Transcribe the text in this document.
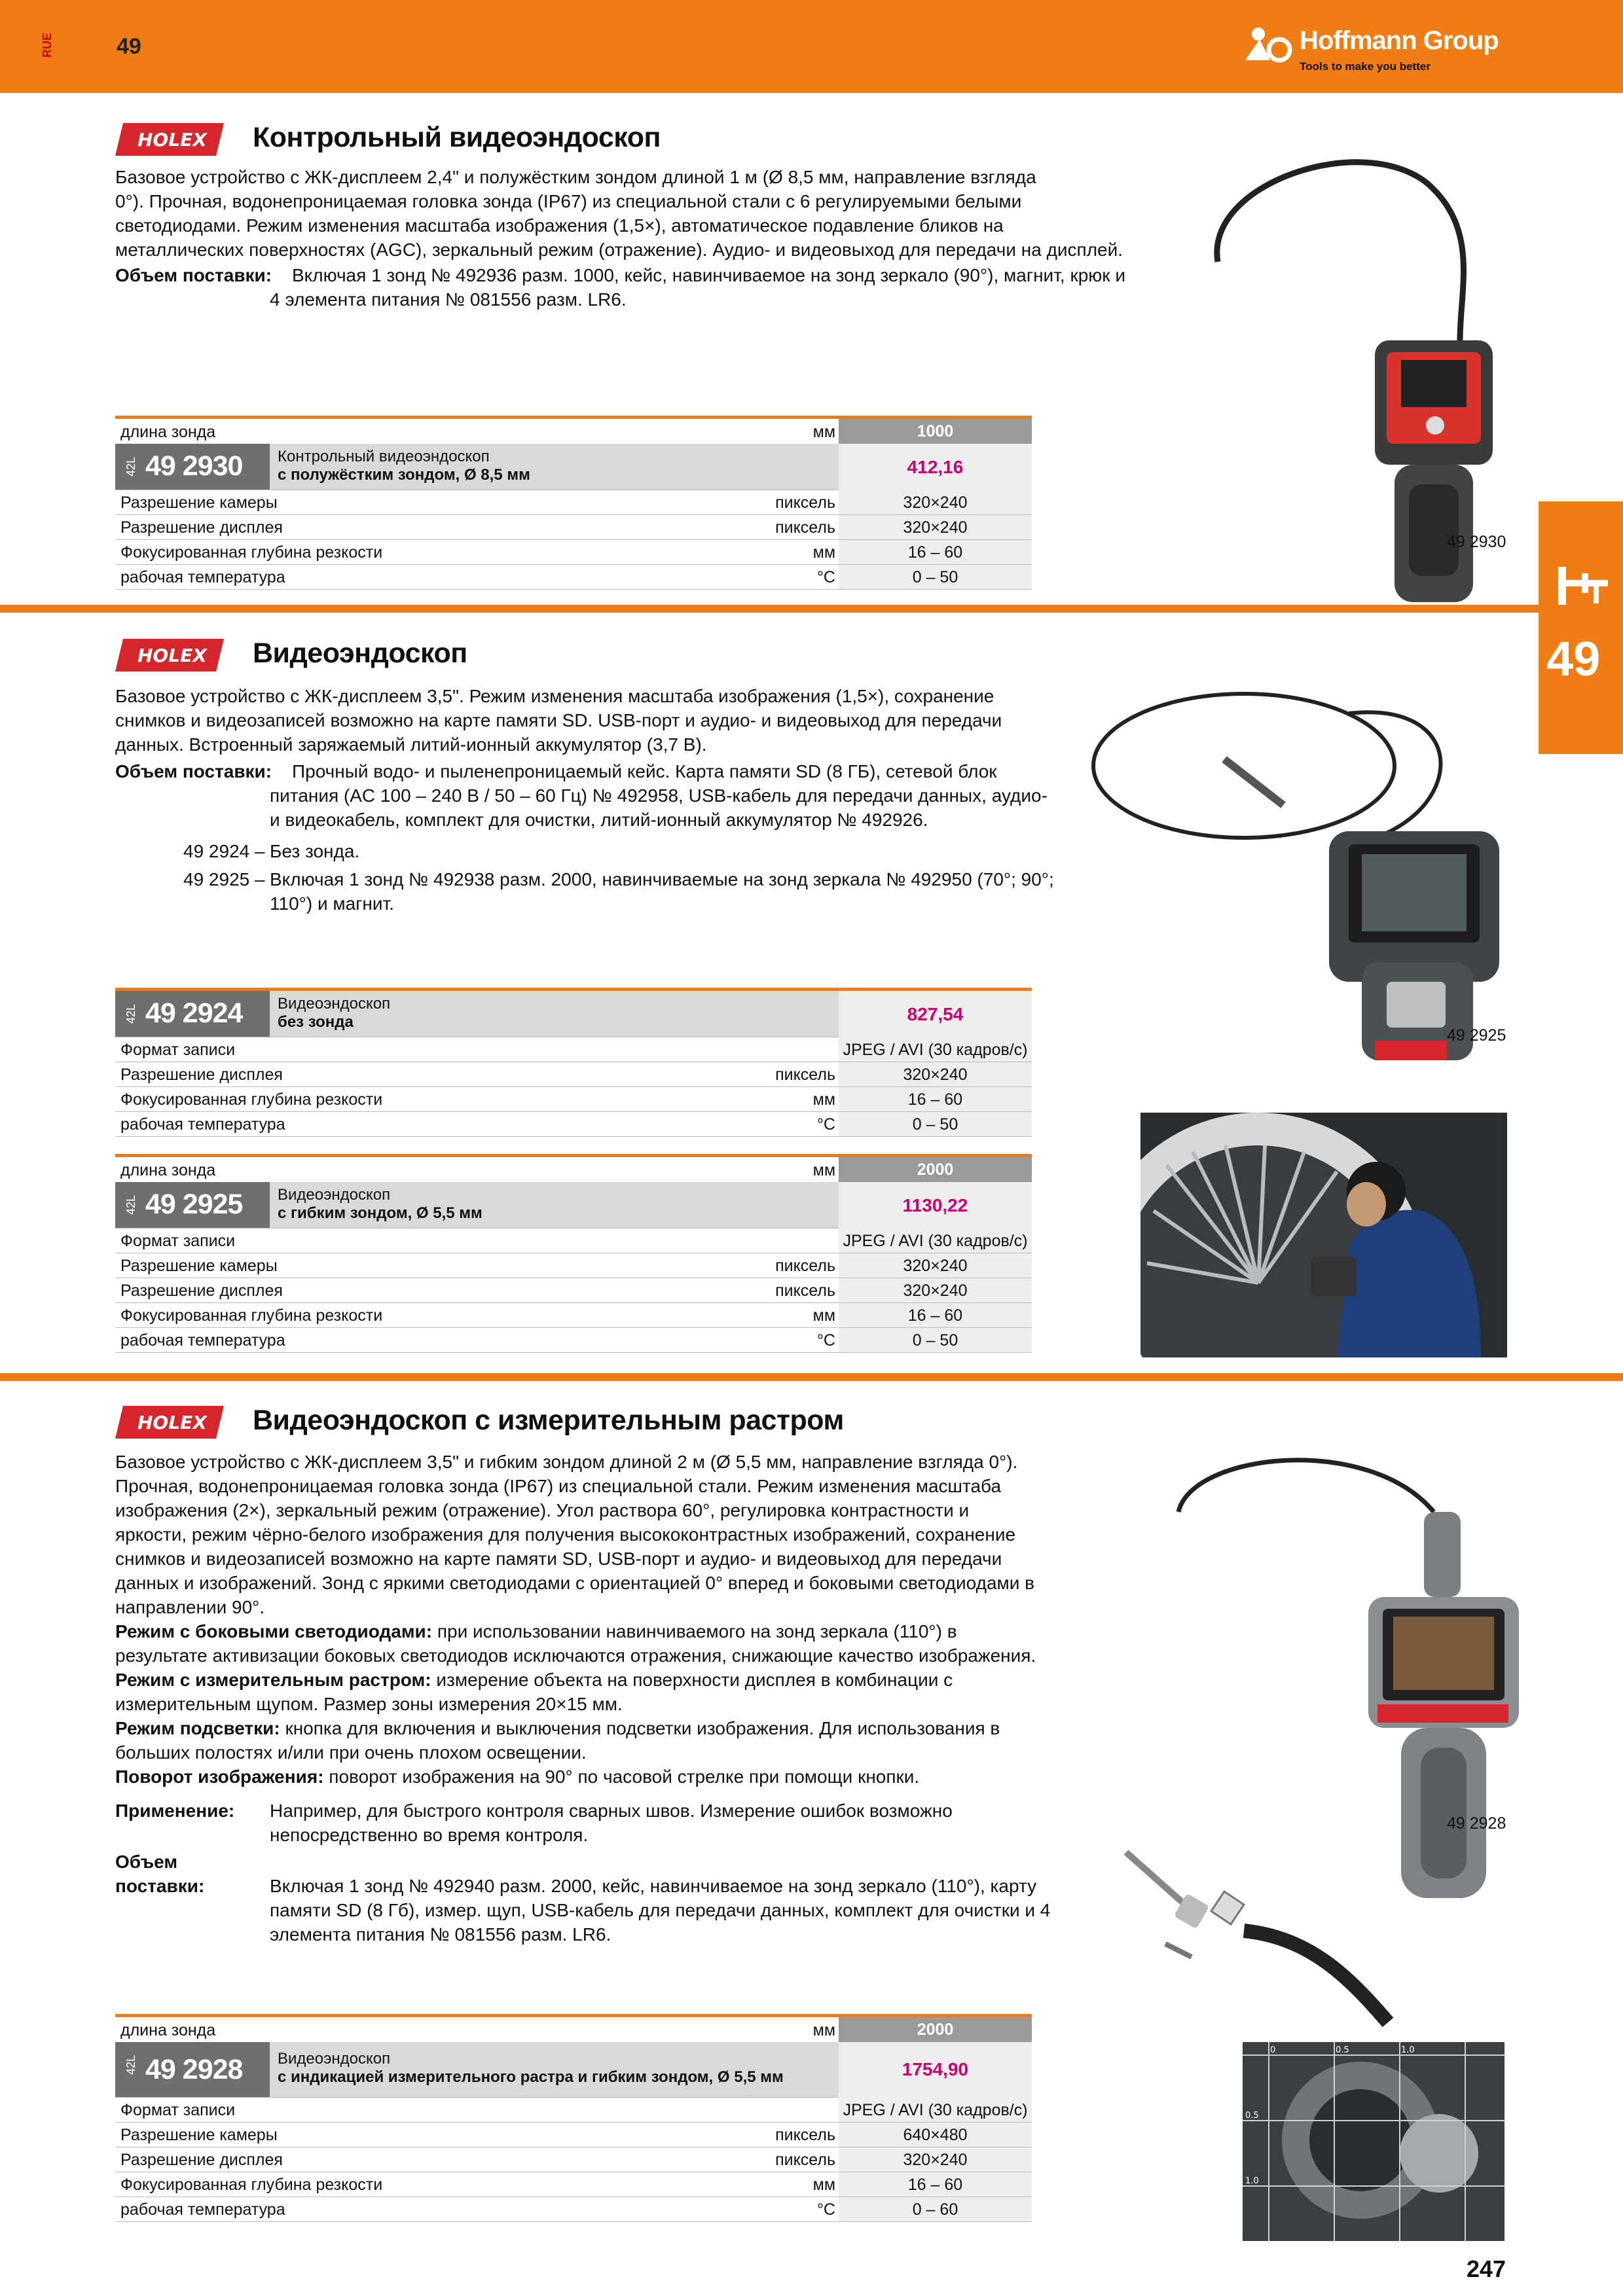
RUE	49	Hoffmann Group
Tools to make you better
49
HOLEX Контрольный видеоэндоскоп
Базовое устройство с ЖК-дисплеем 2,4" и полужёстким зондом длиной 1 м (Ø 8,5 мм, направление взгляда
0°). Прочная, водонепроницаемая головка зонда (IP67) из специальной стали с 6 регулируемыми белыми
светодиодами. Режим изменения масштаба изображения (1,5×), автоматическое подавление бликов на
металлических поверхностях (AGC), зеркальный режим (отражение). Аудио- и видеовыход для передачи на дисплей.
Объем поставки: Включая 1 зонд № 492936 разм. 1000, кейс, навинчиваемое на зонд зеркало (90°), магнит, крюк и
4 элемента питания № 081556 разм. LR6.
длина зонда	мм	1000
42L 49 2930 Контрольный видеоэндоскоп
с полужёстким зондом, Ø 8,5 мм	412,16
Разрешение камеры	пиксель	320×240
Разрешение дисплея	пиксель	320×240
Фокусированная глубина резкости	мм	16 – 60
рабочая температура	°C	0 – 50
49 2930
HOLEX Видеоэндоскоп
Базовое устройство с ЖК-дисплеем 3,5". Режим изменения масштаба изображения (1,5×), сохранение
снимков и видеозаписей возможно на карте памяти SD. USB-порт и аудио- и видеовыход для передачи
данных. Встроенный заряжаемый литий-ионный аккумулятор (3,7 В).
Объем поставки: Прочный водо- и пыленепроницаемый кейс. Карта памяти SD (8 ГБ), сетевой блок
питания (AC 100 – 240 В / 50 – 60 Гц) № 492958, USB-кабель для передачи данных, аудио-
и видеокабель, комплект для очистки, литий-ионный аккумулятор № 492926.
49 2924 – Без зонда.
49 2925 – Включая 1 зонд № 492938 разм. 2000, навинчиваемые на зонд зеркала № 492950 (70°; 90°;
110°) и магнит.
42L 49 2924 Видеоэндоскоп
без зонда	827,54
Формат записи	JPEG / AVI (30 кадров/с)
Разрешение дисплея	пиксель	320×240
Фокусированная глубина резкости	мм	16 – 60
рабочая температура	°C	0 – 50
длина зонда	мм	2000
42L 49 2925 Видеоэндоскоп
с гибким зондом, Ø 5,5 мм	1130,22
Формат записи	JPEG / AVI (30 кадров/с)
Разрешение камеры	пиксель	320×240
Разрешение дисплея	пиксель	320×240
Фокусированная глубина резкости	мм	16 – 60
рабочая температура	°C	0 – 50
49 2925
HOLEX Видеоэндоскоп с измерительным растром
Базовое устройство с ЖК-дисплеем 3,5" и гибким зондом длиной 2 м (Ø 5,5 мм, направление взгляда 0°).
Прочная, водонепроницаемая головка зонда (IP67) из специальной стали. Режим изменения масштаба
изображения (2×), зеркальный режим (отражение). Угол раствора 60°, регулировка контрастности и
яркости, режим чёрно-белого изображения для получения высококонтрастных изображений, сохранение
снимков и видеозаписей возможно на карте памяти SD, USB-порт и аудио- и видеовыход для передачи
данных и изображений. Зонд с яркими светодиодами с ориентацией 0° вперед и боковыми светодиодами в
направлении 90°.
Режим с боковыми светодиодами: при использовании навинчиваемого на зонд зеркала (110°) в
результате активизации боковых светодиодов исключаются отражения, снижающие качество изображения.
Режим с измерительным растром: измерение объекта на поверхности дисплея в комбинации с
измерительным щупом. Размер зоны измерения 20×15 мм.
Режим подсветки: кнопка для включения и выключения подсветки изображения. Для использования в
больших полостях и/или при очень плохом освещении.
Поворот изображения: поворот изображения на 90° по часовой стрелке при помощи кнопки.
Применение: Например, для быстрого контроля сварных швов. Измерение ошибок возможно
непосредственно во время контроля.
Объем поставки:	Включая 1 зонд № 492940 разм. 2000, кейс, навинчиваемое на зонд зеркало (110°), карту
памяти SD (8 Гб), измер. щуп, USB-кабель для передачи данных, комплект для очистки и 4
элемента питания № 081556 разм. LR6.
длина зонда	мм	2000
42L 49 2928 Видеоэндоскоп
с индикацией измерительного растра и гибким зондом, Ø 5,5 мм	1754,90
Формат записи	JPEG / AVI (30 кадров/с)
Разрешение камеры	пиксель	640×480
Разрешение дисплея	пиксель	320×240
Фокусированная глубина резкости	мм	16 – 60
рабочая температура	°C	0 – 60
49 2928
0	0.5	1.0
0.5
1.0
247
